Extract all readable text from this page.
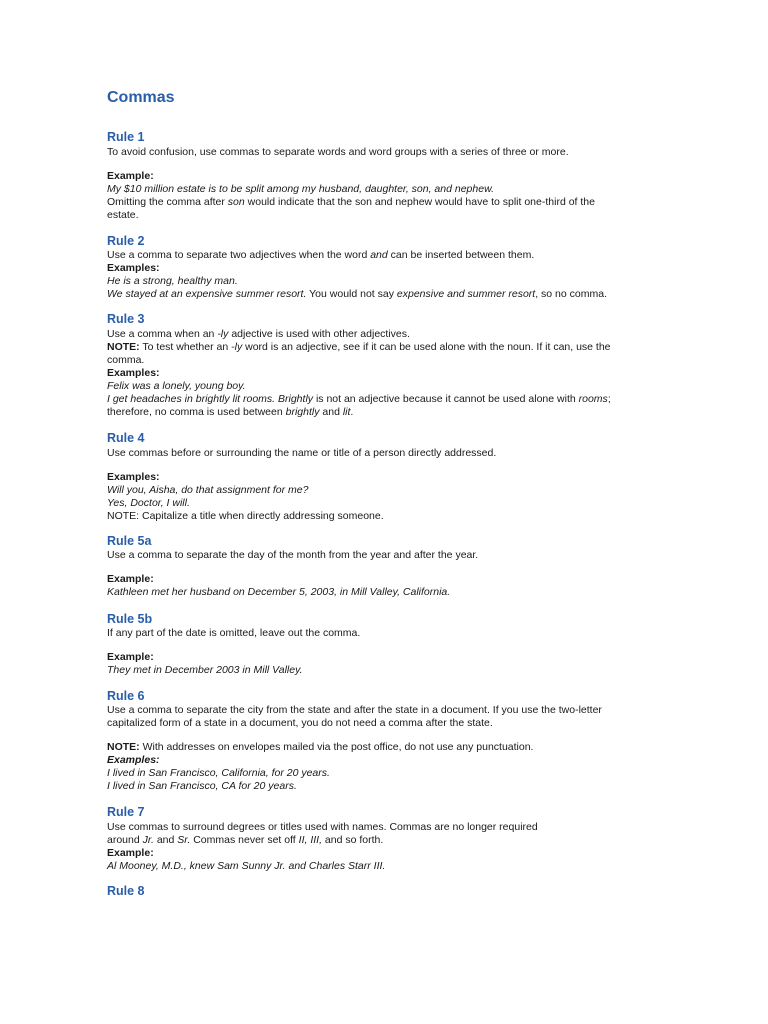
Commas
Rule 1
To avoid confusion, use commas to separate words and word groups with a series of three or more.
Example:
My $10 million estate is to be split among my husband, daughter, son, and nephew.
Omitting the comma after son would indicate that the son and nephew would have to split one-third of the
estate.
Rule 2
Use a comma to separate two adjectives when the word and can be inserted between them.
Examples:
He is a strong, healthy man.
We stayed at an expensive summer resort. You would not say expensive and summer resort, so no comma.
Rule 3
Use a comma when an -ly adjective is used with other adjectives.
NOTE: To test whether an -ly word is an adjective, see if it can be used alone with the noun. If it can, use the
comma.
Examples:
Felix was a lonely, young boy.
I get headaches in brightly lit rooms. Brightly is not an adjective because it cannot be used alone with rooms;
therefore, no comma is used between brightly and lit.
Rule 4
Use commas before or surrounding the name or title of a person directly addressed.
Examples:
Will you, Aisha, do that assignment for me?
Yes, Doctor, I will.
NOTE: Capitalize a title when directly addressing someone.
Rule 5a
Use a comma to separate the day of the month from the year and after the year.
Example:
Kathleen met her husband on December 5, 2003, in Mill Valley, California.
Rule 5b
If any part of the date is omitted, leave out the comma.
Example:
They met in December 2003 in Mill Valley.
Rule 6
Use a comma to separate the city from the state and after the state in a document. If you use the two-letter
capitalized form of a state in a document, you do not need a comma after the state.
NOTE: With addresses on envelopes mailed via the post office, do not use any punctuation.
Examples:
I lived in San Francisco, California, for 20 years.
I lived in San Francisco, CA for 20 years.
Rule 7
Use commas to surround degrees or titles used with names. Commas are no longer required
around Jr. and Sr. Commas never set off II, III, and so forth.
Example:
Al Mooney, M.D., knew Sam Sunny Jr. and Charles Starr III.
Rule 8
